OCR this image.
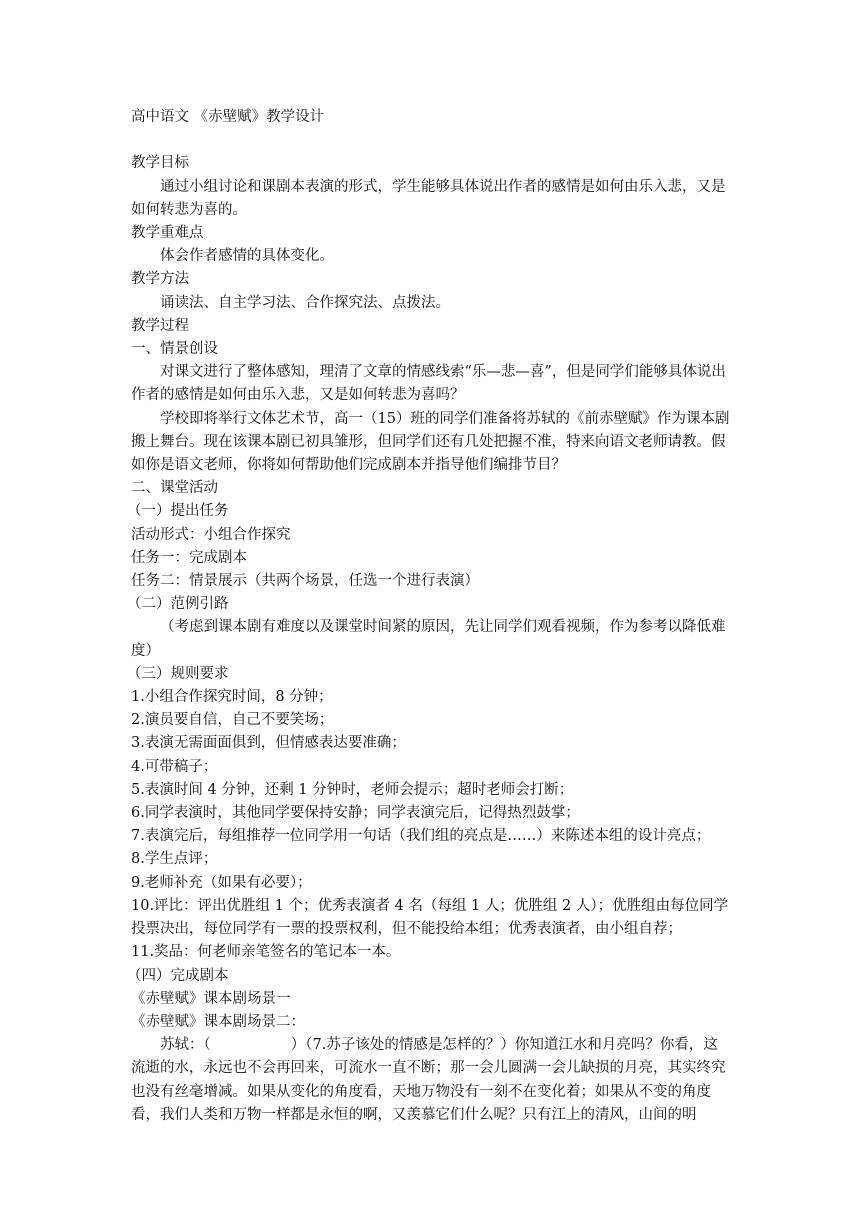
高中语文 《赤壁赋》教学设计

教学目标

通过小组讨论和课剧本表演的形式，学生能够具体说出作者的感情是如何由乐入悲，又是如何转悲为喜的。

教学重难点

体会作者感情的具体变化。

教学方法

诵读法、自主学习法、合作探究法、点拨法。

教学过程

一、情景创设

对课文进行了整体感知，理清了文章的情感线索“乐—悲—喜”，但是同学们能够具体说出作者的感情是如何由乐入悲，又是如何转悲为喜吗？

学校即将举行文体艺术节，高一（15）班的同学们准备将苏轼的《前赤壁赋》作为课本剧搬上舞台。现在该课本剧已初具雏形，但同学们还有几处把握不准，特来向语文老师请教。假如你是语文老师，你将如何帮助他们完成剧本并指导他们编排节目？

二、课堂活动

（一）提出任务

活动形式：小组合作探究

任务一：完成剧本

任务二：情景展示（共两个场景，任选一个进行表演）

（二）范例引路

（考虑到课本剧有难度以及课堂时间紧的原因，先让同学们观看视频，作为参考以降低难度）

（三）规则要求

1.小组合作探究时间，8 分钟；

2.演员要自信，自己不要笑场；

3.表演无需面面俱到，但情感表达要准确；

4.可带稿子；

5.表演时间 4 分钟，还剩 1 分钟时，老师会提示；超时老师会打断；

6.同学表演时，其他同学要保持安静；同学表演完后，记得热烈鼓掌；

7.表演完后，每组推荐一位同学用一句话（我们组的亮点是……）来陈述本组的设计亮点；

8.学生点评；

9.老师补充（如果有必要）；

10.评比：评出优胜组 1 个；优秀表演者 4 名（每组 1 人；优胜组 2 人）；优胜组由每位同学投票决出，每位同学有一票的投票权利，但不能投给本组；优秀表演者，由小组自荐；

11.奖品：何老师亲笔签名的笔记本一本。

（四）完成剧本

《赤壁赋》课本剧场景一

《赤壁赋》课本剧场景二：

苏轼：（	）（7.苏子该处的情感是怎样的？）你知道江水和月亮吗？你看，这流逝的水，永远也不会再回来，可流水一直不断；那一会儿圆满一会儿缺损的月亮，其实终究也没有丝毫增减。如果从变化的角度看，天地万物没有一刻不在变化着；如果从不变的角度看，我们人类和万物一样都是永恒的啊，又羡慕它们什么呢？只有江上的清风，山间的明
